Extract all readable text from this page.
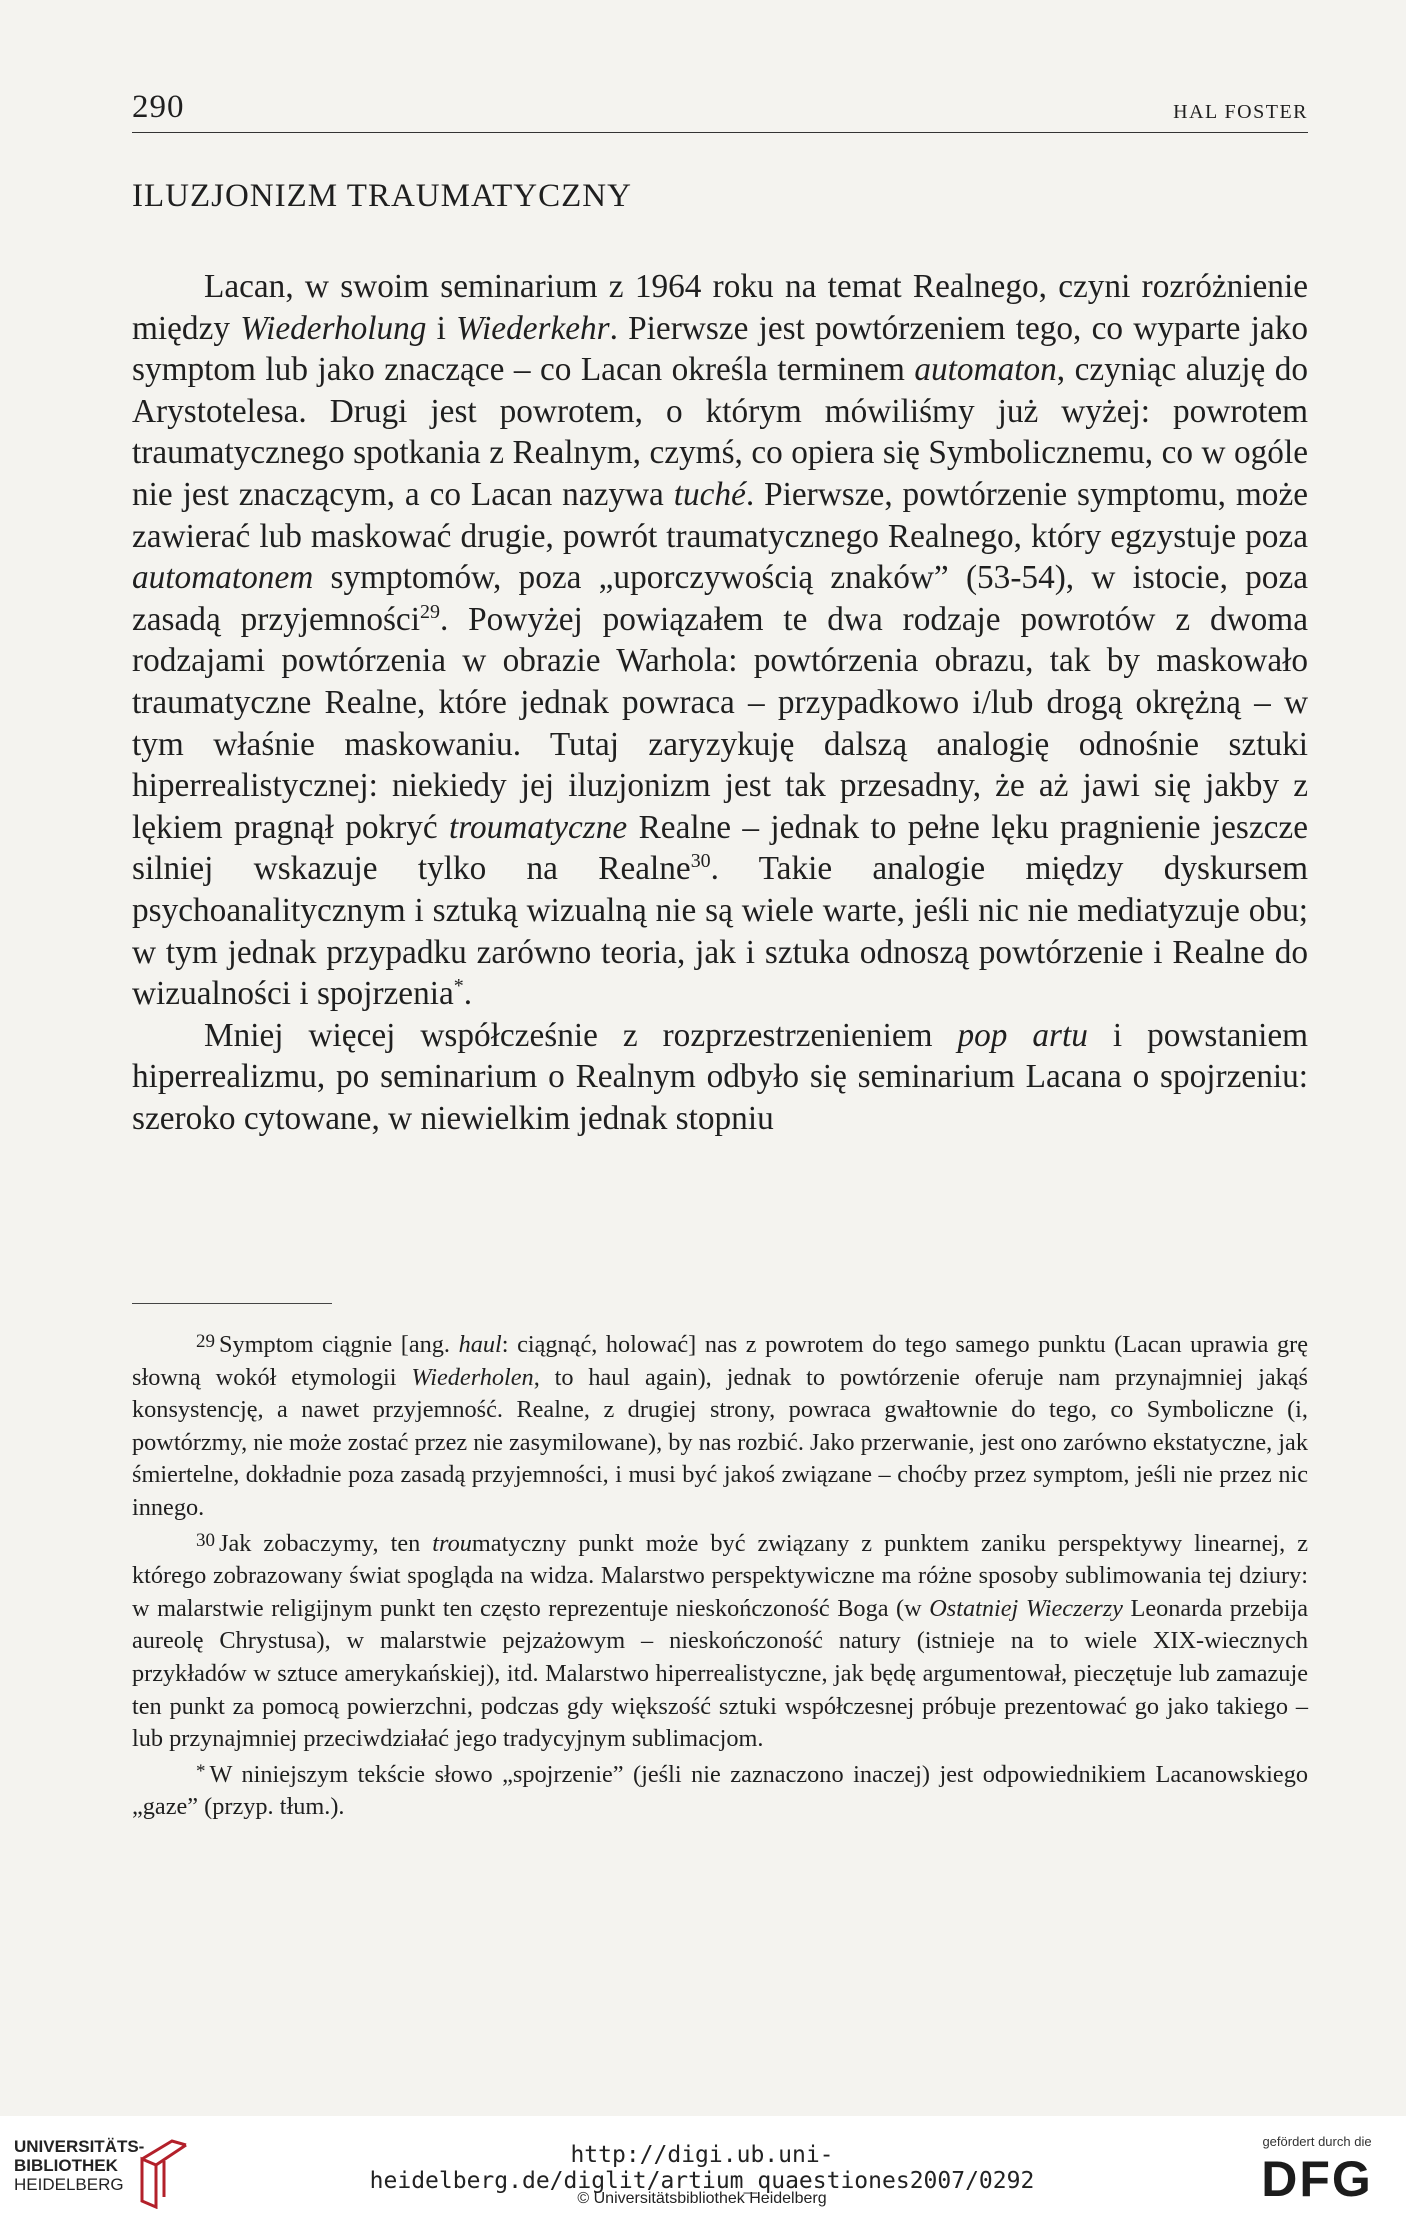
290	HAL FOSTER
ILUZJONIZM TRAUMATYCZNY

Lacan, w swoim seminarium z 1964 roku na temat Realnego, czyni rozróżnienie między Wiederholung i Wiederkehr. Pierwsze jest powtórzeniem tego, co wyparte jako symptom lub jako znaczące – co Lacan określa terminem automaton, czyniąc aluzję do Arystotelesa. Drugi jest powrotem, o którym mówiliśmy już wyżej: powrotem traumatycznego spotkania z Realnym, czymś, co opiera się Symbolicznemu, co w ogóle nie jest znaczącym, a co Lacan nazywa tuché. Pierwsze, powtórzenie symptomu, może zawierać lub maskować drugie, powrót traumatycznego Realnego, który egzystuje poza automatonem symptomów, poza „uporczywością znaków” (53-54), w istocie, poza zasadą przyjemności$^{29}$. Powyżej powiązałem te dwa rodzaje powrotów z dwoma rodzajami powtórzenia w obrazie Warhola: powtórzenia obrazu, tak by maskowało traumatyczne Realne, które jednak powraca – przypadkowo i/lub drogą okrężną – w tym właśnie maskowaniu. Tutaj zaryzykuję dalszą analogię odnośnie sztuki hiperrealistycznej: niekiedy jej iluzjonizm jest tak przesadny, że aż jawi się jakby z lękiem pragnął pokryć troumatyczne Realne – jednak to pełne lęku pragnienie jeszcze silniej wskazuje tylko na Realne$^{30}$. Takie analogie między dyskursem psychoanalitycznym i sztuką wizualną nie są wiele warte, jeśli nic nie mediatyzuje obu; w tym jednak przypadku zarówno teoria, jak i sztuka odnoszą powtórzenie i Realne do wizualności i spojrzenia*.

Mniej więcej współcześnie z rozprzestrzenieniem pop artu i powstaniem hiperrealizmu, po seminarium o Realnym odbyło się seminarium Lacana o spojrzeniu: szeroko cytowane, w niewielkim jednak stopniu

$^{29}$ Symptom ciągnie [ang. haul: ciągnąć, holować] nas z powrotem do tego samego punktu (Lacan uprawia grę słowną wokół etymologii Wiederholen, to haul again), jednak to powtórzenie oferuje nam przynajmniej jakąś konsystencję, a nawet przyjemność. Realne, z drugiej strony, powraca gwałtownie do tego, co Symboliczne (i, powtórzmy, nie może zostać przez nie zasymilowane), by nas rozbić. Jako przerwanie, jest ono zarówno ekstatyczne, jak śmiertelne, dokładnie poza zasadą przyjemności, i musi być jakoś związane – choćby przez symptom, jeśli nie przez nic innego.

$^{30}$ Jak zobaczymy, ten troumatyczny punkt może być związany z punktem zaniku perspektywy linearnej, z którego zobrazowany świat spogląda na widza. Malarstwo perspektywiczne ma różne sposoby sublimowania tej dziury: w malarstwie religijnym punkt ten często reprezentuje nieskończoność Boga (w Ostatniej Wieczerzy Leonarda przebija aureolę Chrystusa), w malarstwie pejzażowym – nieskończoność natury (istnieje na to wiele XIX-wiecznych przykładów w sztuce amerykańskiej), itd. Malarstwo hiperrealistyczne, jak będę argumentował, pieczętuje lub zamazuje ten punkt za pomocą powierzchni, podczas gdy większość sztuki współczesnej próbuje prezentować go jako takiego – lub przynajmniej przeciwdziałać jego tradycyjnym sublimacjom.

* W niniejszym tekście słowo „spojrzenie” (jeśli nie zaznaczono inaczej) jest odpowiednikiem Lacanowskiego „gaze” (przyp. tłum.).

UNIVERSITÄTS-
BIBLIOTHEK
HEIDELBERG
http://digi.ub.uni-heidelberg.de/diglit/artium_quaestiones2007/0292
© Universitätsbibliothek Heidelberg
gefördert durch die
DFG
